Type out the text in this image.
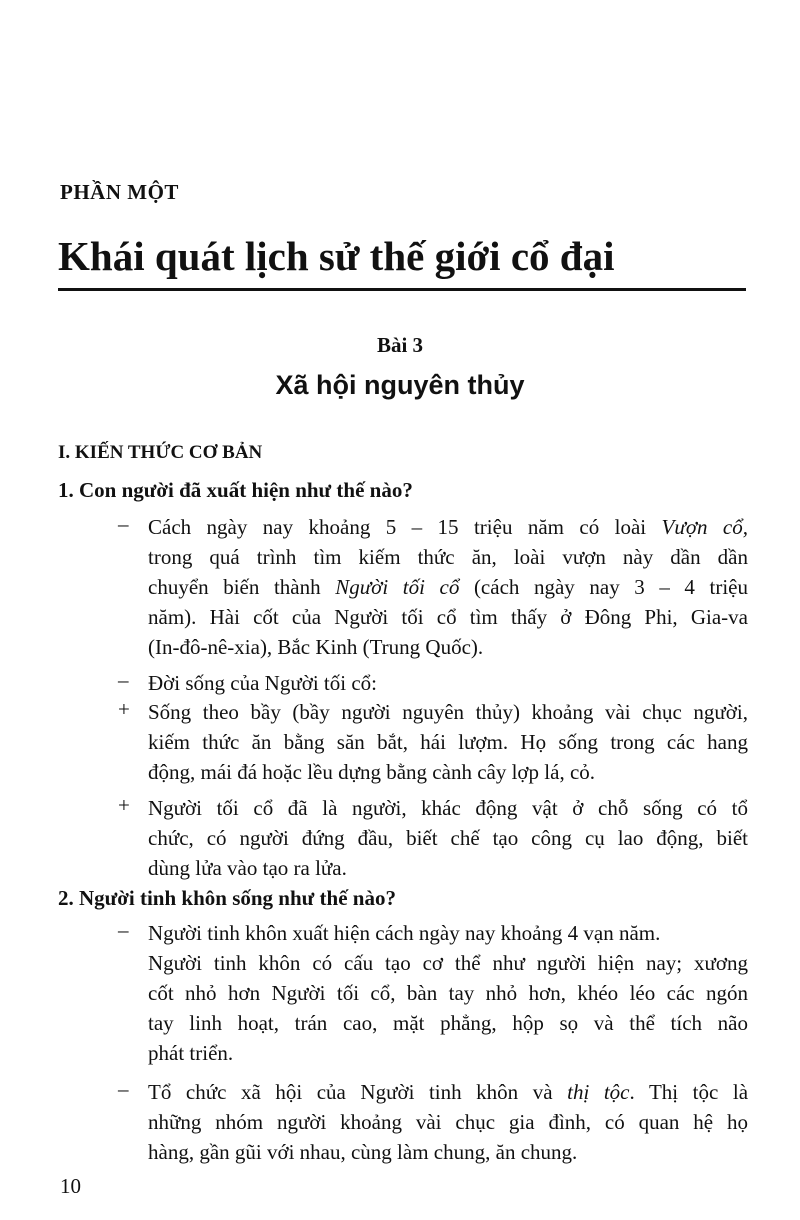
PHẦN MỘT
Khái quát lịch sử thế giới cổ đại
Bài 3
Xã hội nguyên thủy
I. KIẾN THỨC CƠ BẢN
1. Con người đã xuất hiện như thế nào?
2. Người tinh khôn sống như thế nào?
– Cách ngày nay khoảng 5 – 15 triệu năm có loài Vượn cổ,
trong quá trình tìm kiếm thức ăn, loài vượn này dần dần
chuyển biến thành Người tối cổ (cách ngày nay 3 – 4 triệu
năm). Hài cốt của Người tối cổ tìm thấy ở Đông Phi, Gia-va
(In-đô-nê-xia), Bắc Kinh (Trung Quốc).
– Đời sống của Người tối cổ:
+ Sống theo bầy (bầy người nguyên thủy) khoảng vài chục người,
kiếm thức ăn bằng săn bắt, hái lượm. Họ sống trong các hang
động, mái đá hoặc lều dựng bằng cành cây lợp lá, cỏ.
+ Người tối cổ đã là người, khác động vật ở chỗ sống có tổ
chức, có người đứng đầu, biết chế tạo công cụ lao động, biết
dùng lửa vào tạo ra lửa.
– Người tinh khôn xuất hiện cách ngày nay khoảng 4 vạn năm.
Người tinh khôn có cấu tạo cơ thể như người hiện nay; xương
cốt nhỏ hơn Người tối cổ, bàn tay nhỏ hơn, khéo léo các ngón
tay linh hoạt, trán cao, mặt phẳng, hộp sọ và thể tích não
phát triển.
– Tổ chức xã hội của Người tinh khôn và thị tộc. Thị tộc là
những nhóm người khoảng vài chục gia đình, có quan hệ họ
hàng, gần gũi với nhau, cùng làm chung, ăn chung.
10
